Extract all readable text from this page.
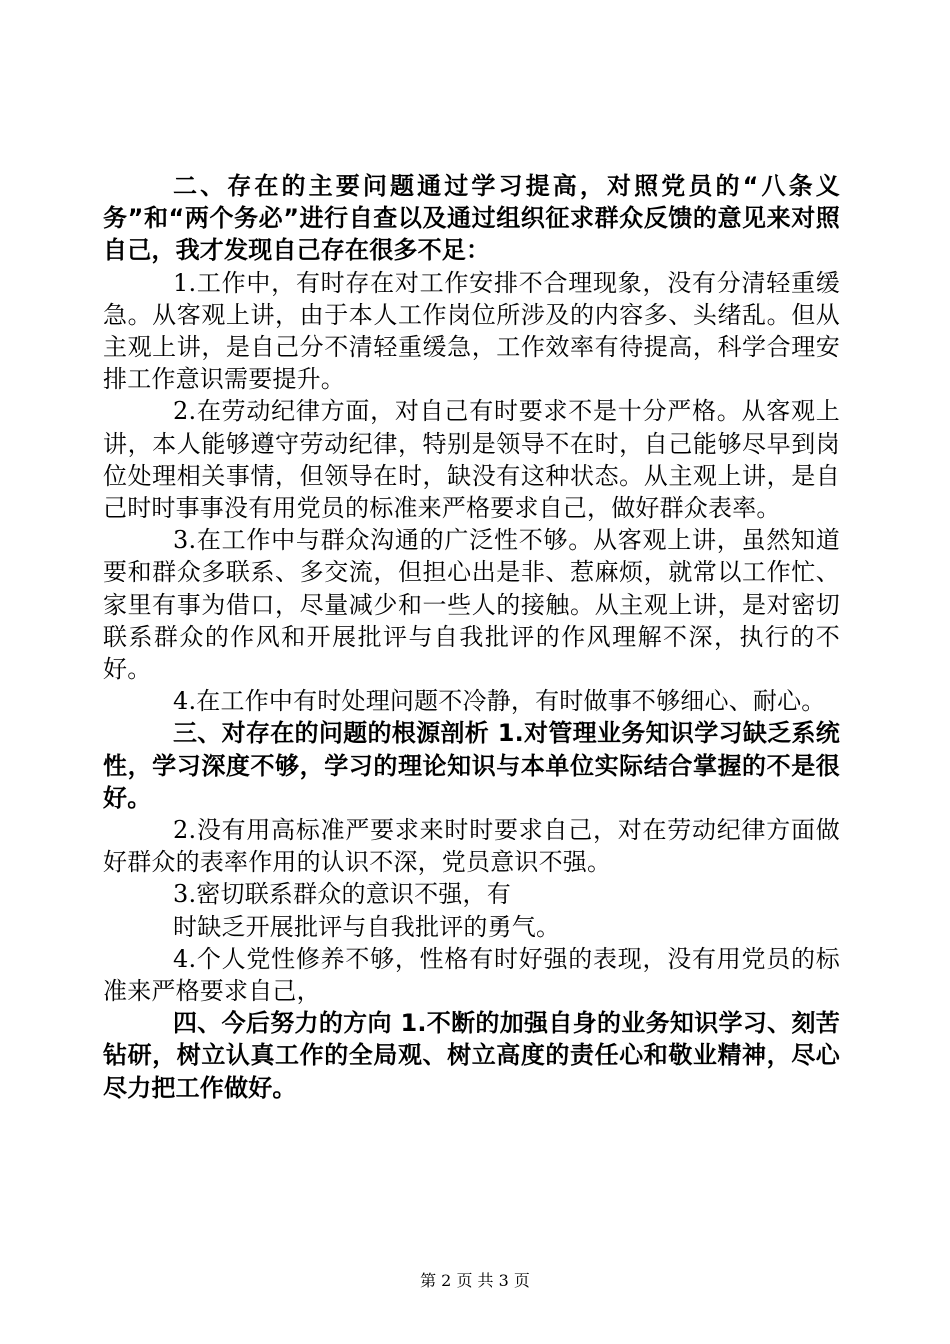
二、存在的主要问题通过学习提高，对照党员的“八条义务”和“两个务必”进行自查以及通过组织征求群众反馈的意见来对照自己，我才发现自己存在很多不足：

1.工作中，有时存在对工作安排不合理现象，没有分清轻重缓急。从客观上讲，由于本人工作岗位所涉及的内容多、头绪乱。但从主观上讲，是自己分不清轻重缓急，工作效率有待提高，科学合理安排工作意识需要提升。

2.在劳动纪律方面，对自己有时要求不是十分严格。从客观上讲，本人能够遵守劳动纪律，特别是领导不在时，自己能够尽早到岗位处理相关事情，但领导在时，缺没有这种状态。从主观上讲，是自己时时事事没有用党员的标准来严格要求自己，做好群众表率。

3.在工作中与群众沟通的广泛性不够。从客观上讲，虽然知道要和群众多联系、多交流，但担心出是非、惹麻烦，就常以工作忙、家里有事为借口，尽量减少和一些人的接触。从主观上讲，是对密切联系群众的作风和开展批评与自我批评的作风理解不深，执行的不好。

4.在工作中有时处理问题不冷静，有时做事不够细心、耐心。

三、对存在的问题的根源剖析 1.对管理业务知识学习缺乏系统性，学习深度不够，学习的理论知识与本单位实际结合掌握的不是很好。

2.没有用高标准严要求来时时要求自己，对在劳动纪律方面做好群众的表率作用的认识不深，党员意识不强。

3.密切联系群众的意识不强，有

时缺乏开展批评与自我批评的勇气。

4.个人党性修养不够，性格有时好强的表现，没有用党员的标准来严格要求自己，

四、今后努力的方向 1.不断的加强自身的业务知识学习、刻苦钻研，树立认真工作的全局观、树立高度的责任心和敬业精神，尽心尽力把工作做好。

第 2 页 共 3 页
